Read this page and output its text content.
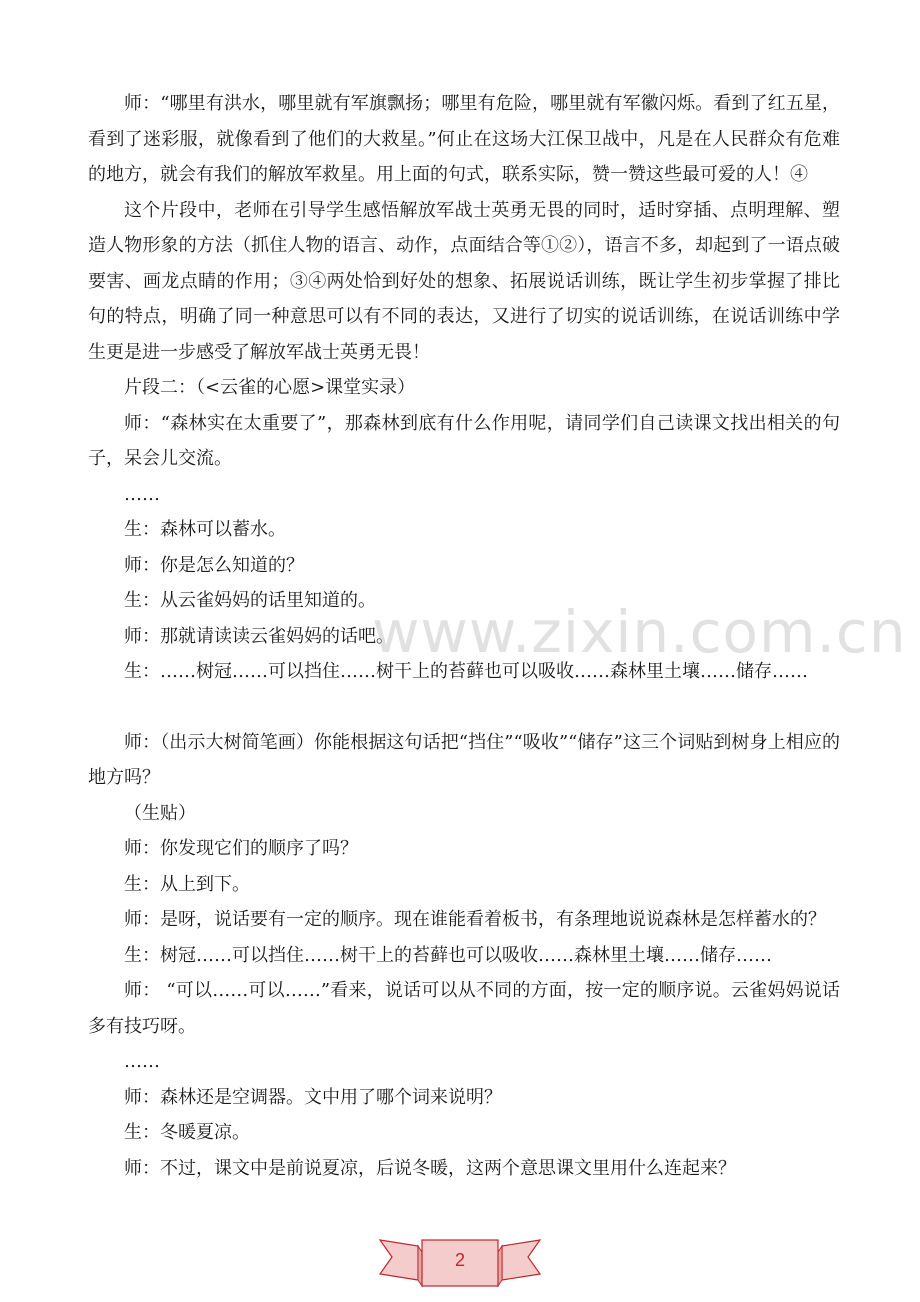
师：“哪里有洪水，哪里就有军旗飘扬；哪里有危险，哪里就有军徽闪烁。看到了红五星，看到了迷彩服，就像看到了他们的大救星。”何止在这场大江保卫战中，凡是在人民群众有危难的地方，就会有我们的解放军救星。用上面的句式，联系实际，赞一赞这些最可爱的人！④

这个片段中，老师在引导学生感悟解放军战士英勇无畏的同时，适时穿插、点明理解、塑造人物形象的方法（抓住人物的语言、动作，点面结合等①②），语言不多，却起到了一语点破要害、画龙点睛的作用；③④两处恰到好处的想象、拓展说话训练，既让学生初步掌握了排比句的特点，明确了同一种意思可以有不同的表达，又进行了切实的说话训练，在说话训练中学生更是进一步感受了解放军战士英勇无畏！

片段二：（<云雀的心愿>课堂实录）

师：“森林实在太重要了”，那森林到底有什么作用呢，请同学们自己读课文找出相关的句子，呆会儿交流。

……

生：森林可以蓄水。

师：你是怎么知道的？

生：从云雀妈妈的话里知道的。

师：那就请读读云雀妈妈的话吧。

生：……树冠……可以挡住……树干上的苔藓也可以吸收……森林里土壤……储存……

师：（出示大树简笔画）你能根据这句话把“挡住”“吸收”“储存”这三个词贴到树身上相应的地方吗？

（生贴）

师：你发现它们的顺序了吗？

生：从上到下。

师：是呀，说话要有一定的顺序。现在谁能看着板书，有条理地说说森林是怎样蓄水的？

生：树冠……可以挡住……树干上的苔藓也可以吸收……森林里土壤……储存……

师： “可以……可以……”看来，说话可以从不同的方面，按一定的顺序说。云雀妈妈说话多有技巧呀。

……

师：森林还是空调器。文中用了哪个词来说明？

生：冬暖夏凉。

师：不过，课文中是前说夏凉，后说冬暖，这两个意思课文里用什么连起来？

www.zixin.com.cn
2
